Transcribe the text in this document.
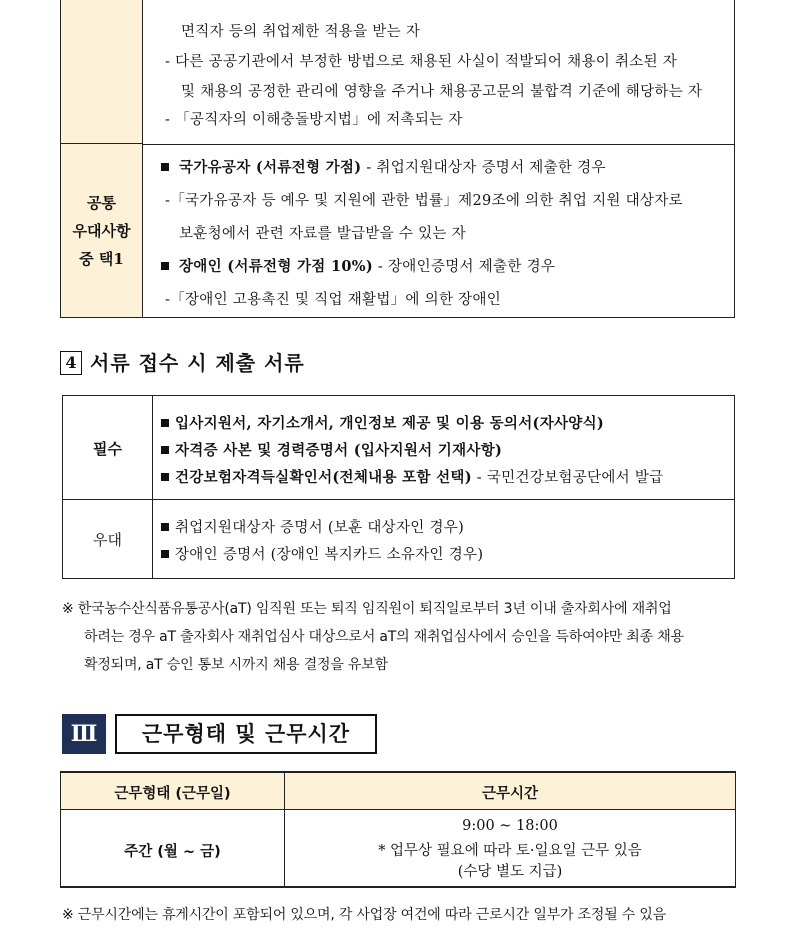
공통
우대사항
중 택1
면직자 등의 취업제한 적용을 받는 자
- 다른 공공기관에서 부정한 방법으로 채용된 사실이 적발되어 채용이 취소된 자
및 채용의 공정한 관리에 영향을 주거나 채용공고문의 불합격 기준에 해당하는 자
- 「공직자의 이해충돌방지법」에 저촉되는 자
국가유공자 (서류전형 가점) - 취업지원대상자 증명서 제출한 경우
-「국가유공자 등 예우 및 지원에 관한 법률」제29조에 의한 취업 지원 대상자로
보훈청에서 관련 자료를 발급받을 수 있는 자
장애인 (서류전형 가점 10%) - 장애인증명서 제출한 경우
-「장애인 고용촉진 및 직업 재활법」에 의한 장애인
4 서류 접수 시 제출 서류
필수
우대
입사지원서, 자기소개서, 개인정보 제공 및 이용 동의서(자사양식)
자격증 사본 및 경력증명서 (입사지원서 기재사항)
건강보험자격득실확인서(전체내용 포함 선택) - 국민건강보험공단에서 발급
취업지원대상자 증명서 (보훈 대상자인 경우)
장애인 증명서 (장애인 복지카드 소유자인 경우)
※ 한국농수산식품유통공사(aT) 임직원 또는 퇴직 임직원이 퇴직일로부터 3년 이내 출자회사에 재취업
하려는 경우 aT 출자회사 재취업심사 대상으로서 aT의 재취업심사에서 승인을 득하여야만 최종 채용
확정되며, aT 승인 통보 시까지 채용 결정을 유보함
Ⅲ	근무형태 및 근무시간
근무형태 (근무일)	근무시간
주간 (월 ~ 금)
9:00 ~ 18:00
* 업무상 필요에 따라 토·일요일 근무 있음
(수당 별도 지급)
※ 근무시간에는 휴게시간이 포함되어 있으며, 각 사업장 여건에 따라 근로시간 일부가 조정될 수 있음
